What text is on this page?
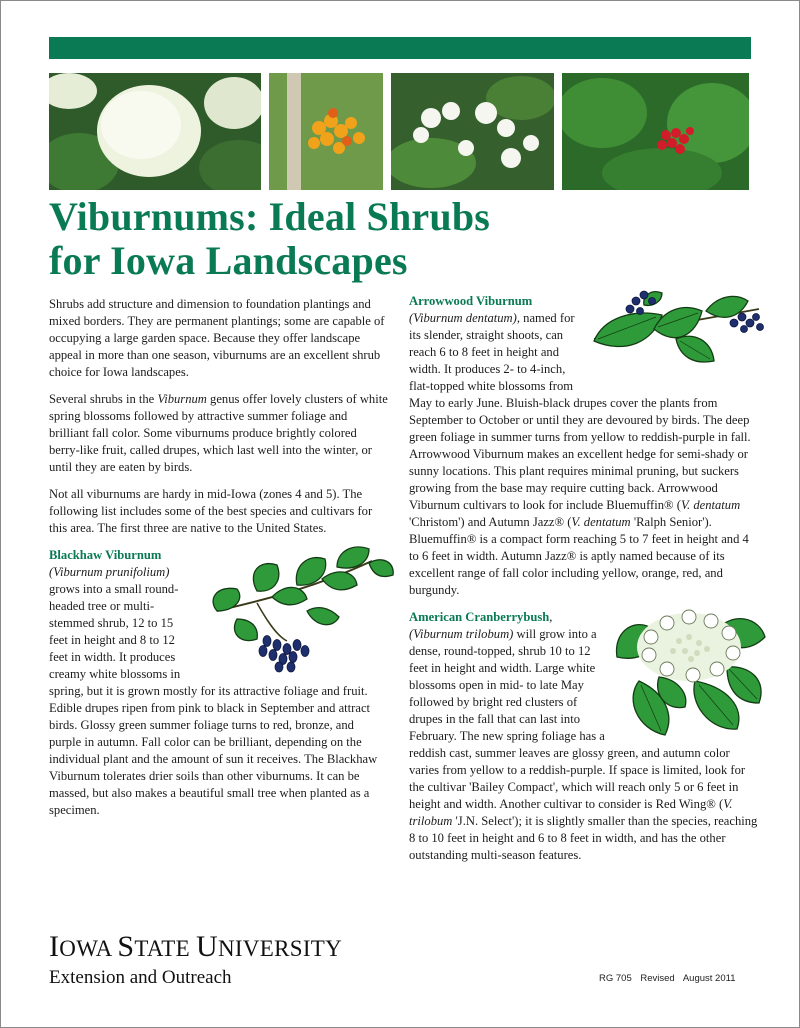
Viburnums: Ideal Shrubs
for Iowa Landscapes

Shrubs add structure and dimension to foundation plantings and mixed borders. They are permanent plantings; some are capable of occupying a large garden space. Because they offer landscape appeal in more than one season, viburnums are an excellent shrub choice for Iowa landscapes.

Several shrubs in the Viburnum genus offer lovely clusters of white spring blossoms followed by attractive summer foliage and brilliant fall color. Some viburnums produce brightly colored berry-like fruit, called drupes, which last well into the winter, or until they are eaten by birds.

Not all viburnums are hardy in mid-Iowa (zones 4 and 5). The following list includes some of the best species and cultivars for this area. The first three are native to the United States.

Blackhaw Viburnum
(Viburnum prunifolium) grows into a small round-headed tree or multi-stemmed shrub, 12 to 15 feet in height and 8 to 12 feet in width. It produces creamy white blossoms in spring, but it is grown mostly for its attractive foliage and fruit. Edible drupes ripen from pink to black in September and attract birds. Glossy green summer foliage turns to red, bronze, and purple in autumn. Fall color can be brilliant, depending on the individual plant and the amount of sun it receives. The Blackhaw Viburnum tolerates drier soils than other viburnums. It can be massed, but also makes a beautiful small tree when planted as a specimen.

Arrowwood Viburnum
(Viburnum dentatum), named for its slender, straight shoots, can reach 6 to 8 feet in height and width. It produces 2- to 4-inch, flat-topped white blossoms from May to early June. Bluish-black drupes cover the plants from September to October or until they are devoured by birds. The deep green foliage in summer turns from yellow to reddish-purple in fall. Arrowwood Viburnum makes an excellent hedge for semi-shady or sunny locations. This plant requires minimal pruning, but suckers growing from the base may require cutting back. Arrowwood Viburnum cultivars to look for include Bluemuffin® (V. dentatum 'Christom') and Autumn Jazz® (V. dentatum 'Ralph Senior'). Bluemuffin® is a compact form reaching 5 to 7 feet in height and 4 to 6 feet in width. Autumn Jazz® is aptly named because of its excellent range of fall color including yellow, orange, red, and burgundy.

American Cranberrybush,
(Viburnum trilobum) will grow into a dense, round-topped, shrub 10 to 12 feet in height and width. Large white blossoms open in mid- to late May followed by bright red clusters of drupes in the fall that can last into February. The new spring foliage has a reddish cast, summer leaves are glossy green, and autumn color varies from yellow to a reddish-purple. If space is limited, look for the cultivar 'Bailey Compact', which will reach only 5 or 6 feet in height and width. Another cultivar to consider is Red Wing® (V. trilobum 'J.N. Select'); it is slightly smaller than the species, reaching 8 to 10 feet in height and 6 to 8 feet in width, and has the other outstanding multi-season features.

IOWA STATE UNIVERSITY
Extension and Outreach	RG 705 Revised August 2011
